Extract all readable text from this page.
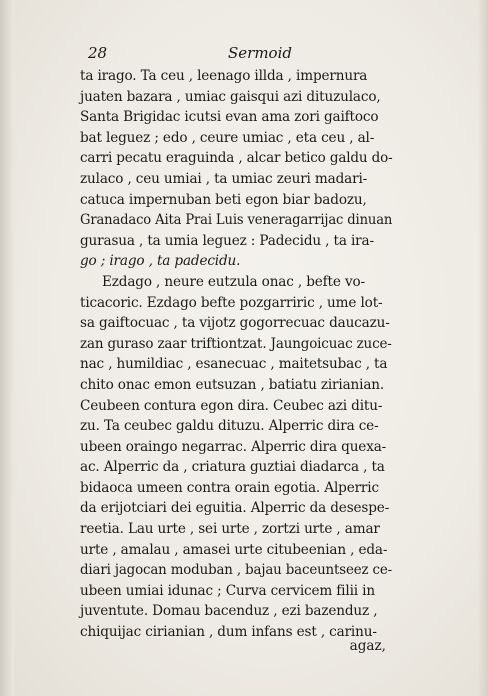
28	Sermoid
ta irago. Ta ceu , leenago illda , impernura
juaten bazara , umiac gaisqui azi dituzulaco,
Santa Brigidac icutsi evan ama zori gaiftoco
bat leguez ; edo , ceure umiac , eta ceu , al-
carri pecatu eraguinda , alcar betico galdu do-
zulaco , ceu umiai , ta umiac zeuri madari-
catuca impernuban beti egon biar badozu,
Granadaco Aita Prai Luis veneragarrijac dinuan
gurasua , ta umia leguez : Padecidu , ta ira-
go ; irago , ta padecidu.
Ezdago , neure eutzula onac , befte vo-
ticacoric. Ezdago befte pozgarriric , ume lot-
sa gaiftocuac , ta vijotz gogorrecuac daucazu-
zan guraso zaar triftiontzat. Jaungoicuac zuce-
nac , humildiac , esanecuac , maitetsubac , ta
chito onac emon eutsuzan , batiatu zirianian.
Ceubeen contura egon dira. Ceubec azi ditu-
zu. Ta ceubec galdu dituzu. Alperric dira ce-
ubeen oraingo negarrac. Alperric dira quexa-
ac. Alperric da , criatura guztiai diadarca , ta
bidaoca umeen contra orain egotia. Alperric
da erijotciari dei eguitia. Alperric da desespe-
reetia. Lau urte , sei urte , zortzi urte , amar
urte , amalau , amasei urte citubeenian , eda-
diari jagocan moduban , bajau baceuntseez ce-
ubeen umiai idunac ; Curva cervicem filii in
juventute. Domau bacenduz , ezi bazenduz ,
chiquijac cirianian , dum infans est , carinu-
agaz,
